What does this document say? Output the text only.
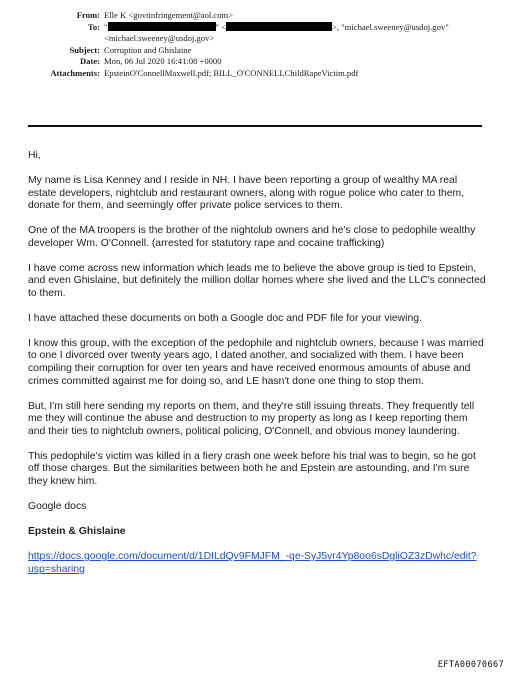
From: Elle K <govtinfringement@aol.com>
To: "	" <	>, "michael.sweeney@usdoj.gov"
<michael.sweeney@usdoj.gov>
Subject: Corruption and Ghislaine
Date: Mon, 06 Jul 2020 16:41:08 +0000
Attachments: EpsteinO'ConnellMaxwell.pdf; BILL_O'CONNELLChildRapeVictim.pdf

Hi,

My name is Lisa Kenney and I reside in NH. I have been reporting a group of wealthy MA real estate developers, nightclub and restaurant owners, along with rogue police who cater to them, donate for them, and seemingly offer private police services to them.

One of the MA troopers is the brother of the nightclub owners and he's close to pedophile wealthy developer Wm. O'Connell. (arrested for statutory rape and cocaine trafficking)

I have come across new information which leads me to believe the above group is tied to Epstein, and even Ghislaine, but definitely the million dollar homes where she lived and the LLC's connected to them.

I have attached these documents on both a Google doc and PDF file for your viewing.

I know this group, with the exception of the pedophile and nightclub owners, because I was married to one I divorced over twenty years ago, I dated another, and socialized with them. I have been compiling their corruption for over ten years and have received enormous amounts of abuse and crimes committed against me for doing so, and LE hasn't done one thing to stop them.

But, I'm still here sending my reports on them, and they're still issuing threats. They frequently tell me they will continue the abuse and destruction to my property as long as I keep reporting them and their ties to nightclub owners, political policing, O'Connell, and obvious money laundering.

This pedophile's victim was killed in a fiery crash one week before his trial was to begin, so he got off those charges. But the similarities between both he and Epstein are astounding, and I'm sure they knew him.

Google docs

Epstein & Ghislaine

https://docs.google.com/document/d/1DILdQv9FMJFM_-qe-SyJ5vr4Yp8oo6sDgliOZ3zDwhc/edit?usp=sharing

EFTA00070667
